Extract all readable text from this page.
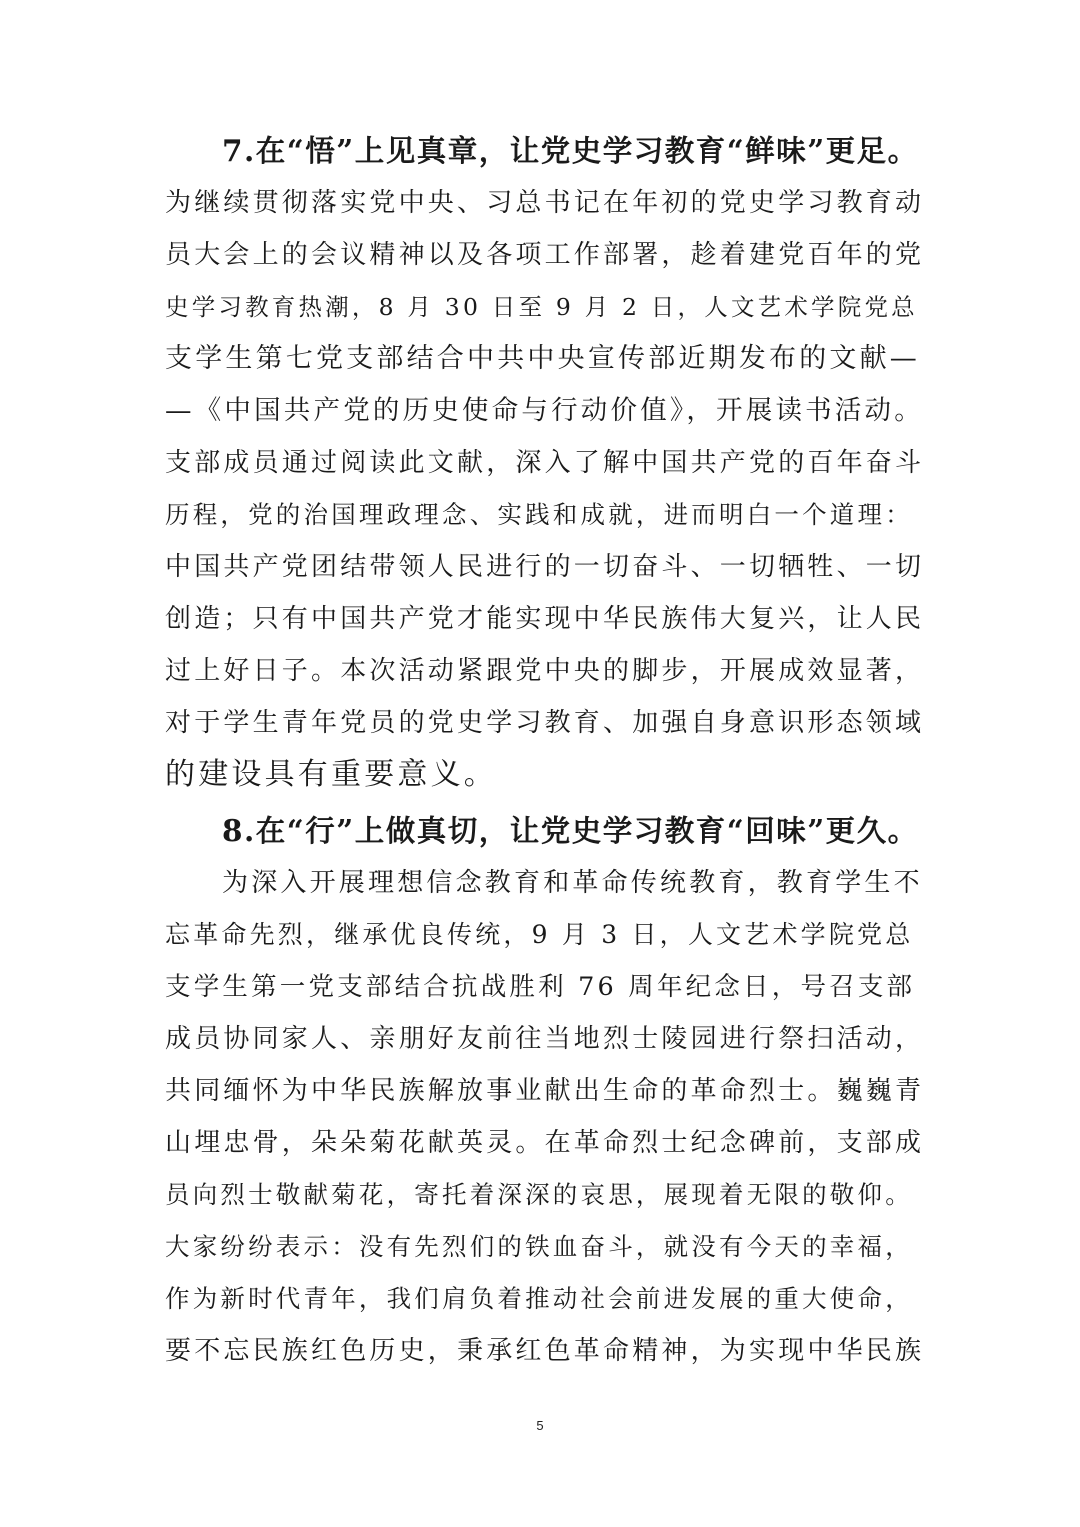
7.在“悟”上见真章，让党史学习教育“鲜味”更足。
为继续贯彻落实党中央、习总书记在年初的党史学习教育动
员大会上的会议精神以及各项工作部署，趁着建党百年的党
史学习教育热潮，8 月 30 日至 9 月 2 日，人文艺术学院党总
支学生第七党支部结合中共中央宣传部近期发布的文献—
—《中国共产党的历史使命与行动价值》，开展读书活动。
支部成员通过阅读此文献，深入了解中国共产党的百年奋斗
历程，党的治国理政理念、实践和成就，进而明白一个道理：
中国共产党团结带领人民进行的一切奋斗、一切牺牲、一切
创造；只有中国共产党才能实现中华民族伟大复兴，让人民
过上好日子。本次活动紧跟党中央的脚步，开展成效显著，
对于学生青年党员的党史学习教育、加强自身意识形态领域
的建设具有重要意义。
8.在“行”上做真切，让党史学习教育“回味”更久。
为深入开展理想信念教育和革命传统教育，教育学生不
忘革命先烈，继承优良传统，9 月 3 日，人文艺术学院党总
支学生第一党支部结合抗战胜利 76 周年纪念日，号召支部
成员协同家人、亲朋好友前往当地烈士陵园进行祭扫活动，
共同缅怀为中华民族解放事业献出生命的革命烈士。巍巍青
山埋忠骨，朵朵菊花献英灵。在革命烈士纪念碑前，支部成
员向烈士敬献菊花，寄托着深深的哀思，展现着无限的敬仰。
大家纷纷表示：没有先烈们的铁血奋斗，就没有今天的幸福，
作为新时代青年，我们肩负着推动社会前进发展的重大使命，
要不忘民族红色历史，秉承红色革命精神，为实现中华民族
5
